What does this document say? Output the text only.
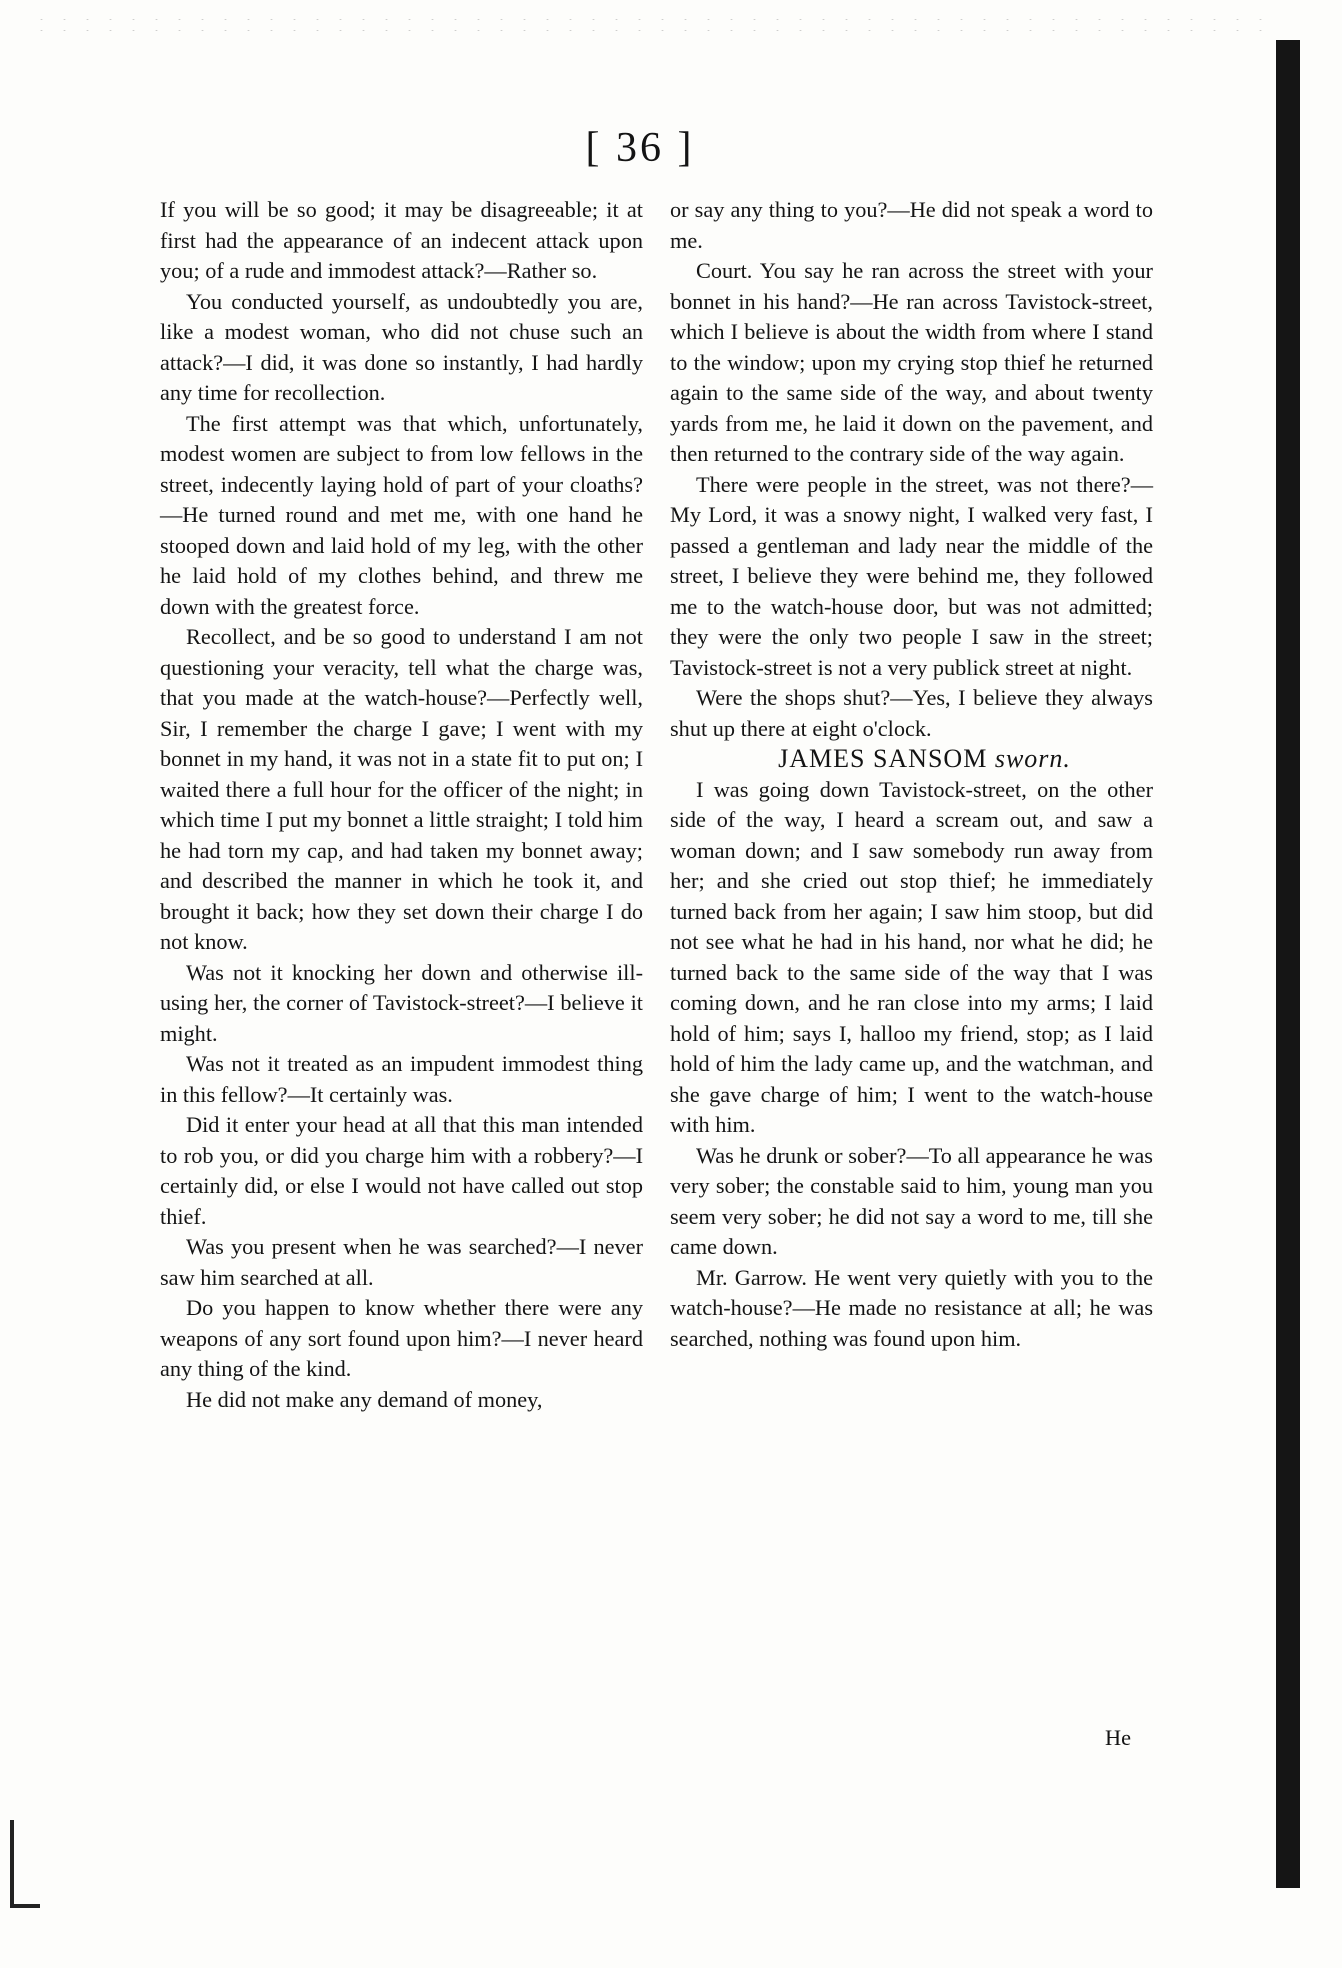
[ 36 ]

If you will be so good; it may be disagreeable; it at first had the appearance of an indecent attack upon you; of a rude and immodest attack?—Rather so.

You conducted yourself, as undoubtedly you are, like a modest woman, who did not chuse such an attack?—I did, it was done so instantly, I had hardly any time for recollection.

The first attempt was that which, unfortunately, modest women are subject to from low fellows in the street, indecently laying hold of part of your cloaths?—He turned round and met me, with one hand he stooped down and laid hold of my leg, with the other he laid hold of my clothes behind, and threw me down with the greatest force.

Recollect, and be so good to understand I am not questioning your veracity, tell what the charge was, that you made at the watch-house?—Perfectly well, Sir, I remember the charge I gave; I went with my bonnet in my hand, it was not in a state fit to put on; I waited there a full hour for the officer of the night; in which time I put my bonnet a little straight; I told him he had torn my cap, and had taken my bonnet away; and described the manner in which he took it, and brought it back; how they set down their charge I do not know.

Was not it knocking her down and otherwise ill-using her, the corner of Tavistock-street?—I believe it might.

Was not it treated as an impudent immodest thing in this fellow?—It certainly was.

Did it enter your head at all that this man intended to rob you, or did you charge him with a robbery?—I certainly did, or else I would not have called out stop thief.

Was you present when he was searched?—I never saw him searched at all.

Do you happen to know whether there were any weapons of any sort found upon him?—I never heard any thing of the kind.

He did not make any demand of money,

or say any thing to you?—He did not speak a word to me.

Court. You say he ran across the street with your bonnet in his hand?—He ran across Tavistock-street, which I believe is about the width from where I stand to the window; upon my crying stop thief he returned again to the same side of the way, and about twenty yards from me, he laid it down on the pavement, and then returned to the contrary side of the way again.

There were people in the street, was not there?—My Lord, it was a snowy night, I walked very fast, I passed a gentleman and lady near the middle of the street, I believe they were behind me, they followed me to the watch-house door, but was not admitted; they were the only two people I saw in the street; Tavistock-street is not a very publick street at night.

Were the shops shut?—Yes, I believe they always shut up there at eight o'clock.

JAMES SANSOM sworn.

I was going down Tavistock-street, on the other side of the way, I heard a scream out, and saw a woman down; and I saw somebody run away from her; and she cried out stop thief; he immediately turned back from her again; I saw him stoop, but did not see what he had in his hand, nor what he did; he turned back to the same side of the way that I was coming down, and he ran close into my arms; I laid hold of him; says I, halloo my friend, stop; as I laid hold of him the lady came up, and the watchman, and she gave charge of him; I went to the watch-house with him.

Was he drunk or sober?—To all appearance he was very sober; the constable said to him, young man you seem very sober; he did not say a word to me, till she came down.

Mr. Garrow. He went very quietly with you to the watch-house?—He made no resistance at all; he was searched, nothing was found upon him.

He
